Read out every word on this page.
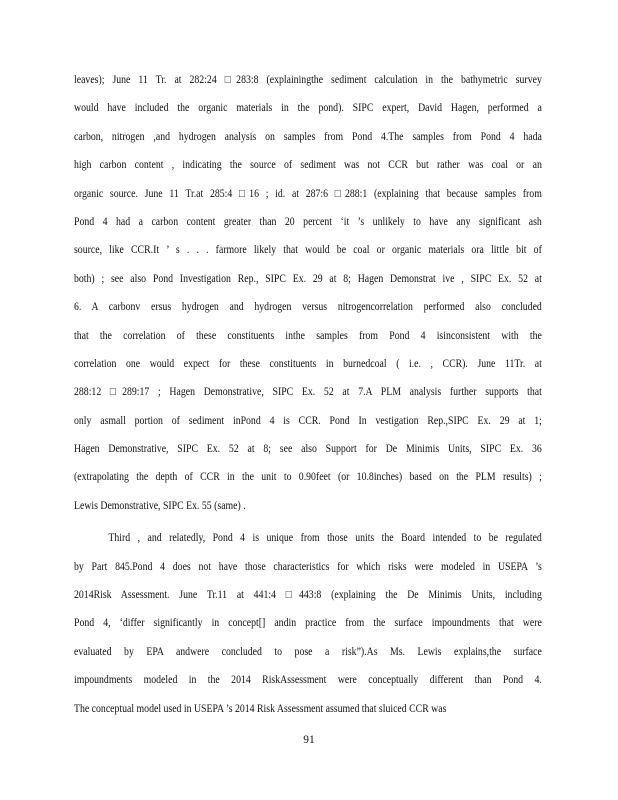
leaves); June 11 Tr. at 282:24 □283:8 (explainingthe sediment calculation in the bathymetric survey
would have included the organic materials in the pond). SIPC expert, David Hagen, performed a
carbon, nitrogen ,and hydrogen analysis on samples from Pond 4.The samples from Pond 4 hada
high carbon content , indicating the source of sediment was not CCR but rather was coal or an
organic source. June 11 Tr.at 285:4 □16 ; id. at 287:6 □288:1 (explaining that because samples from
Pond 4 had a carbon content greater than 20 percent ‘it ’s unlikely to have any significant ash
source, like CCR.It ’ s . . . farmore likely that would be coal or organic materials ora little bit of
both) ; see also Pond Investigation Rep., SIPC Ex. 29 at 8; Hagen Demonstrat ive , SIPC Ex. 52 at
6. A carbonv ersus hydrogen and hydrogen versus nitrogencorrelation performed also concluded
that the correlation of these constituents inthe samples from Pond 4 isinconsistent with the
correlation one would expect for these constituents in burnedcoal ( i.e. , CCR). June 11Tr. at
288:12 □289:17 ; Hagen Demonstrative, SIPC Ex. 52 at 7.A PLM analysis further supports that
only asmall portion of sediment inPond 4 is CCR. Pond In vestigation Rep.,SIPC Ex. 29 at 1;
Hagen Demonstrative, SIPC Ex. 52 at 8; see also Support for De Minimis Units, SIPC Ex. 36
(extrapolating the depth of CCR in the unit to 0.90feet (or 10.8inches) based on the PLM results) ;
Lewis Demonstrative, SIPC Ex. 55 (same) .
Third , and relatedly, Pond 4 is unique from those units the Board intended to be regulated
by Part 845.Pond 4 does not have those characteristics for which risks were modeled in USEPA ’s
2014Risk Assessment. June Tr.11 at 441:4 □443:8 (explaining the De Minimis Units, including
Pond 4, ‘differ significantly in concept[] andin practice from the surface impoundments that were
evaluated by EPA andwere concluded to pose a risk”).As Ms. Lewis explains,the surface
impoundments modeled in the 2014 RiskAssessment were conceptually different than Pond 4.
The conceptual model used in USEPA ’s 2014 Risk Assessment assumed that sluiced CCR was
91
